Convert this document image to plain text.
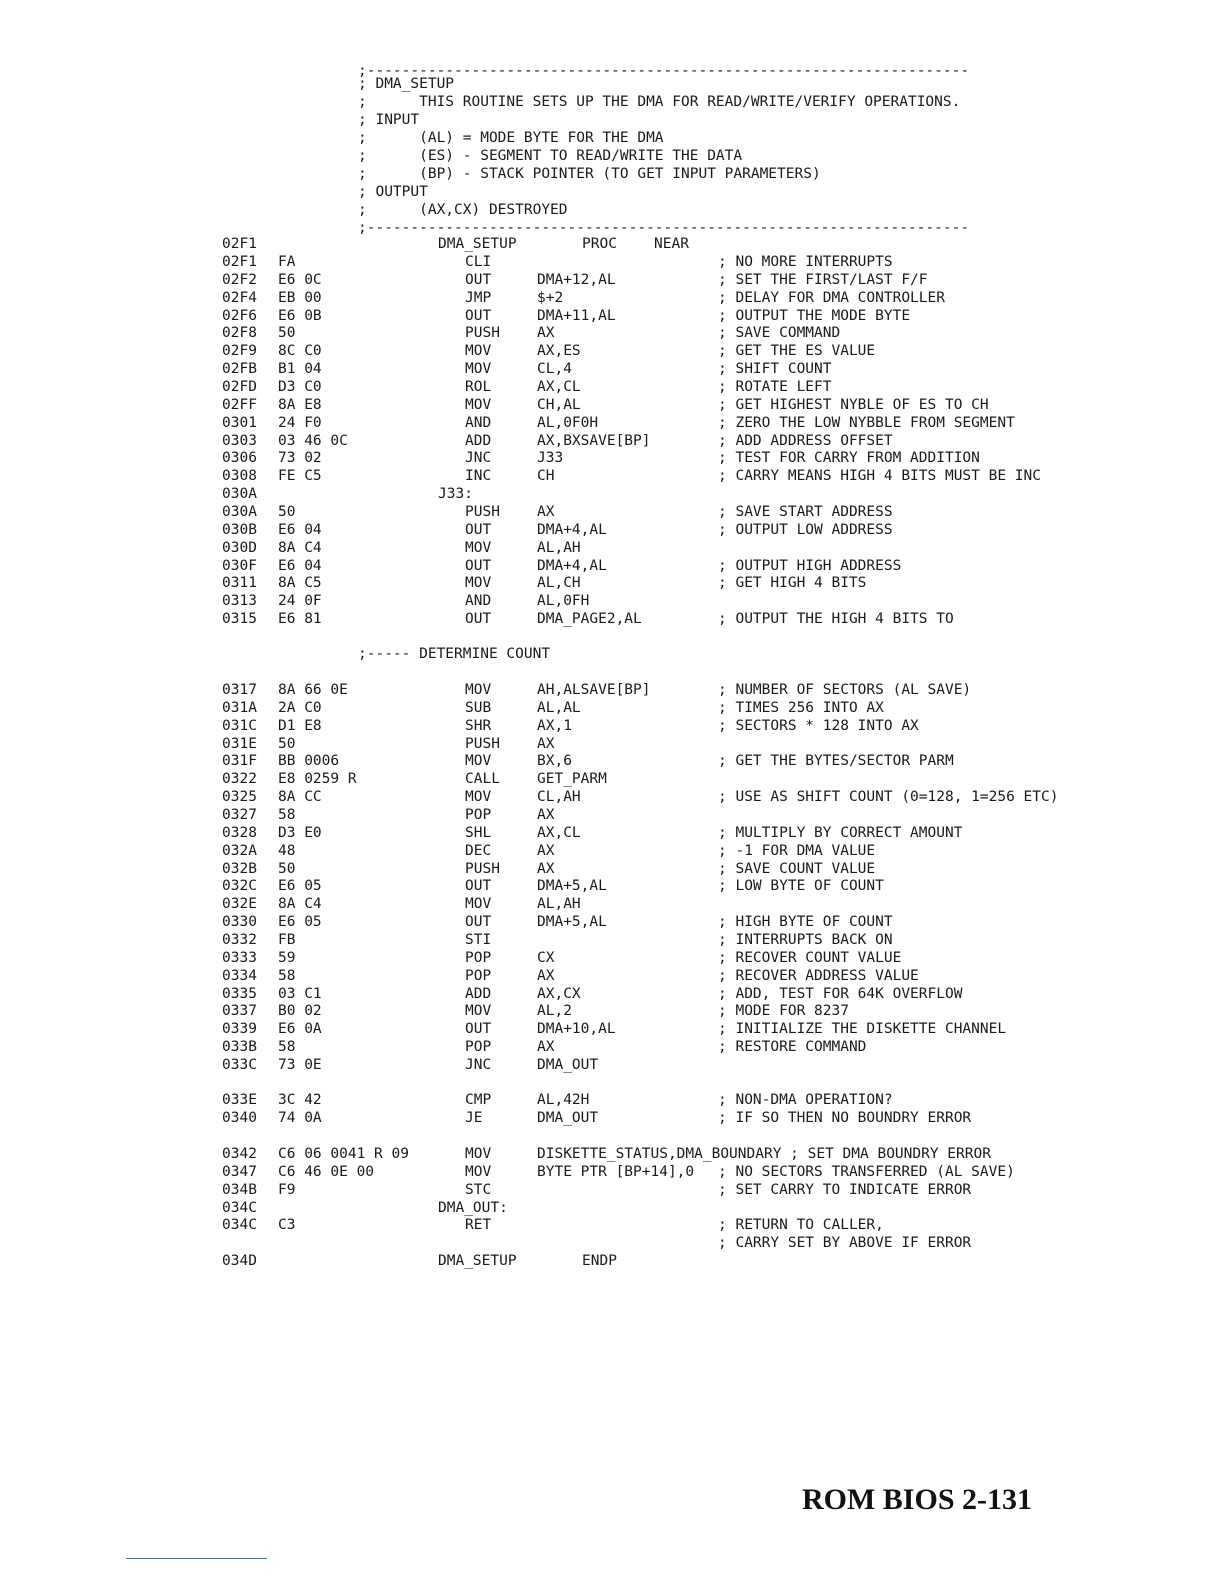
;---------------------------------------------------------------------
; DMA_SETUP
;      THIS ROUTINE SETS UP THE DMA FOR READ/WRITE/VERIFY OPERATIONS.
; INPUT
;      (AL) = MODE BYTE FOR THE DMA
;      (ES) - SEGMENT TO READ/WRITE THE DATA
;      (BP) - STACK POINTER (TO GET INPUT PARAMETERS)
; OUTPUT
;      (AX,CX) DESTROYED
;---------------------------------------------------------------------
02F1	DMA_SETUP	PROC	NEAR
02F1 FA	CLI	; NO MORE INTERRUPTS
02F2 E6 0C	OUT	DMA+12,AL	; SET THE FIRST/LAST F/F
02F4 EB 00	JMP	$+2	; DELAY FOR DMA CONTROLLER
02F6 E6 0B	OUT	DMA+11,AL	; OUTPUT THE MODE BYTE
02F8 50	PUSH	AX	; SAVE COMMAND
02F9 8C C0	MOV	AX,ES	; GET THE ES VALUE
02FB B1 04	MOV	CL,4	; SHIFT COUNT
02FD D3 C0	ROL	AX,CL	; ROTATE LEFT
02FF 8A E8	MOV	CH,AL	; GET HIGHEST NYBLE OF ES TO CH
0301 24 F0	AND	AL,0F0H	; ZERO THE LOW NYBBLE FROM SEGMENT
0303 03 46 0C	ADD	AX,BXSAVE[BP]	; ADD ADDRESS OFFSET
0306 73 02	JNC	J33	; TEST FOR CARRY FROM ADDITION
0308 FE C5	INC	CH	; CARRY MEANS HIGH 4 BITS MUST BE INC
030A	J33:
030A 50	PUSH	AX	; SAVE START ADDRESS
030B E6 04	OUT	DMA+4,AL	; OUTPUT LOW ADDRESS
030D 8A C4	MOV	AL,AH
030F E6 04	OUT	DMA+4,AL	; OUTPUT HIGH ADDRESS
0311 8A C5	MOV	AL,CH	; GET HIGH 4 BITS
0313 24 0F	AND	AL,0FH
0315 E6 81	OUT	DMA_PAGE2,AL	; OUTPUT THE HIGH 4 BITS TO
;----- DETERMINE COUNT
0317 8A 66 0E	MOV	AH,ALSAVE[BP]	; NUMBER OF SECTORS (AL SAVE)
031A 2A C0	SUB	AL,AL	; TIMES 256 INTO AX
031C D1 E8	SHR	AX,1	; SECTORS * 128 INTO AX
031E 50	PUSH	AX
031F BB 0006	MOV	BX,6	; GET THE BYTES/SECTOR PARM
0322 E8 0259 R	CALL	GET_PARM
0325 8A CC	MOV	CL,AH	; USE AS SHIFT COUNT (0=128, 1=256 ETC)
0327 58	POP	AX
0328 D3 E0	SHL	AX,CL	; MULTIPLY BY CORRECT AMOUNT
032A 48	DEC	AX	; -1 FOR DMA VALUE
032B 50	PUSH	AX	; SAVE COUNT VALUE
032C E6 05	OUT	DMA+5,AL	; LOW BYTE OF COUNT
032E 8A C4	MOV	AL,AH
0330 E6 05	OUT	DMA+5,AL	; HIGH BYTE OF COUNT
0332 FB	STI	; INTERRUPTS BACK ON
0333 59	POP	CX	; RECOVER COUNT VALUE
0334 58	POP	AX	; RECOVER ADDRESS VALUE
0335 03 C1	ADD	AX,CX	; ADD, TEST FOR 64K OVERFLOW
0337 B0 02	MOV	AL,2	; MODE FOR 8237
0339 E6 0A	OUT	DMA+10,AL	; INITIALIZE THE DISKETTE CHANNEL
033B 58	POP	AX	; RESTORE COMMAND
033C 73 0E	JNC	DMA_OUT
033E 3C 42	CMP	AL,42H	; NON-DMA OPERATION?
0340 74 0A	JE	DMA_OUT	; IF SO THEN NO BOUNDRY ERROR
0342 C6 06 0041 R 09	MOV	DISKETTE_STATUS,DMA_BOUNDARY ; SET DMA BOUNDRY ERROR
0347 C6 46 0E 00	MOV	BYTE PTR [BP+14],0 ; NO SECTORS TRANSFERRED (AL SAVE)
034B F9	STC	; SET CARRY TO INDICATE ERROR
034C	DMA_OUT:
034C C3	RET	; RETURN TO CALLER,
; CARRY SET BY ABOVE IF ERROR
034D	DMA_SETUP	ENDP
ROM BIOS 2-131
